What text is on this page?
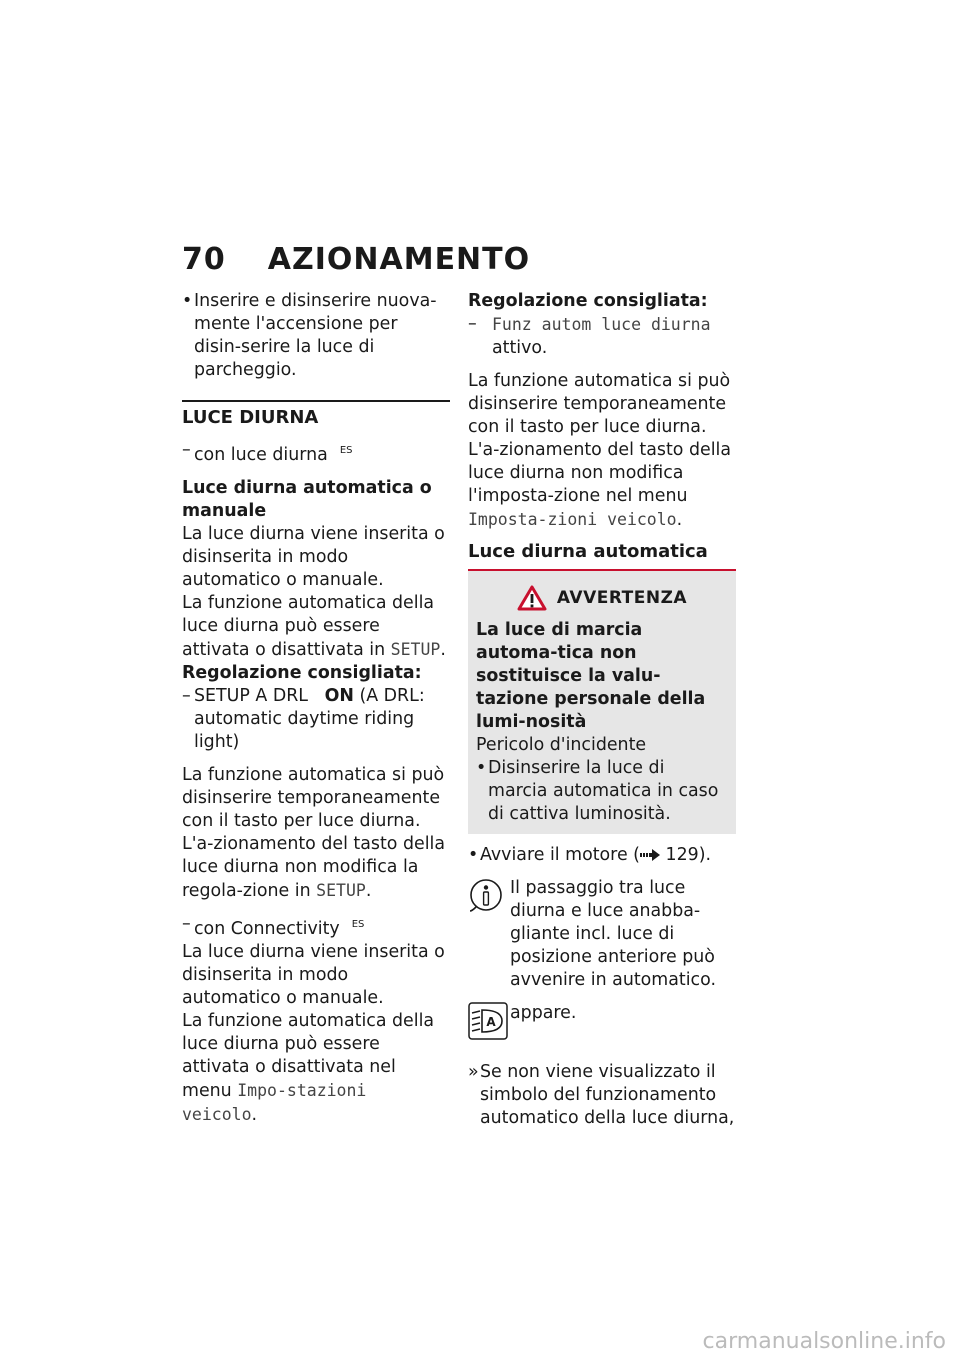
70 AZIONAMENTO

• Inserire e disinserire nuova-mente l'accensione per disin-serire la luce di parcheggio.

LUCE DIURNA

– con luce diurna $^{ES}$

Luce diurna automatica o manuale

La luce diurna viene inserita o disinserita in modo automatico o manuale.

La funzione automatica della luce diurna può essere attivata o disattivata in SETUP.

Regolazione consigliata:

– SETUP A DRL ON (A DRL: automatic daytime riding light)

La funzione automatica si può disinserire temporaneamente con il tasto per luce diurna. L'a-zionamento del tasto della luce diurna non modifica la regola-zione in SETUP.

– con Connectivity $^{ES}$

La luce diurna viene inserita o disinserita in modo automatico o manuale.

La funzione automatica della luce diurna può essere attivata o disattivata nel menu Impo-stazioni veicolo.

Regolazione consigliata:

– Funz autom luce diurna attivo.

La funzione automatica si può disinserire temporaneamente con il tasto per luce diurna. L'a-zionamento del tasto della luce diurna non modifica l'imposta-zione nel menu Imposta-zioni veicolo.

Luce diurna automatica

AVVERTENZA

La luce di marcia automa-tica non sostituisce la valu-tazione personale della lumi-nosità

Pericolo d'incidente

• Disinserire la luce di marcia automatica in caso di cattiva luminosità.

• Avviare il motore ( 129).

Il passaggio tra luce diurna e luce anabba-gliante incl. luce di posizione anteriore può avvenire in automatico.

A appare.

» Se non viene visualizzato il simbolo del funzionamento automatico della luce diurna,

carmanualsonline.info
